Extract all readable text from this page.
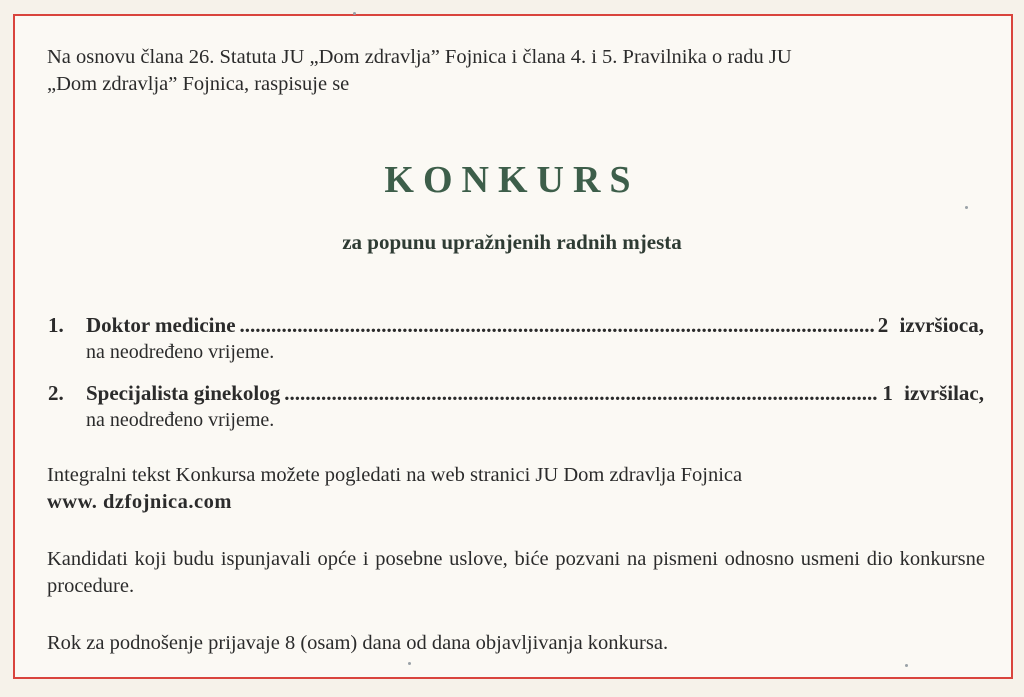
Na osnovu člana 26. Statuta JU „Dom zdravlja” Fojnica i člana 4. i 5. Pravilnika o radu JU
„Dom zdravlja” Fojnica, raspisuje se
KONKURS
za popunu upražnjenih radnih mjesta
1.	Doktor medicine .....	2 izvršioca,
na neodređeno vrijeme.
2.	Specijalista ginekolog .....	1 izvršilac,
na neodređeno vrijeme.
Integralni tekst Konkursa možete pogledati na web stranici JU Dom zdravlja Fojnica
www. dzfojnica.com
Kandidati koji budu ispunjavali opće i posebne uslove, biće pozvani na pismeni odnosno usmeni dio konkursne procedure.
Rok za podnošenje prijavaje 8 (osam) dana od dana objavljivanja konkursa.
